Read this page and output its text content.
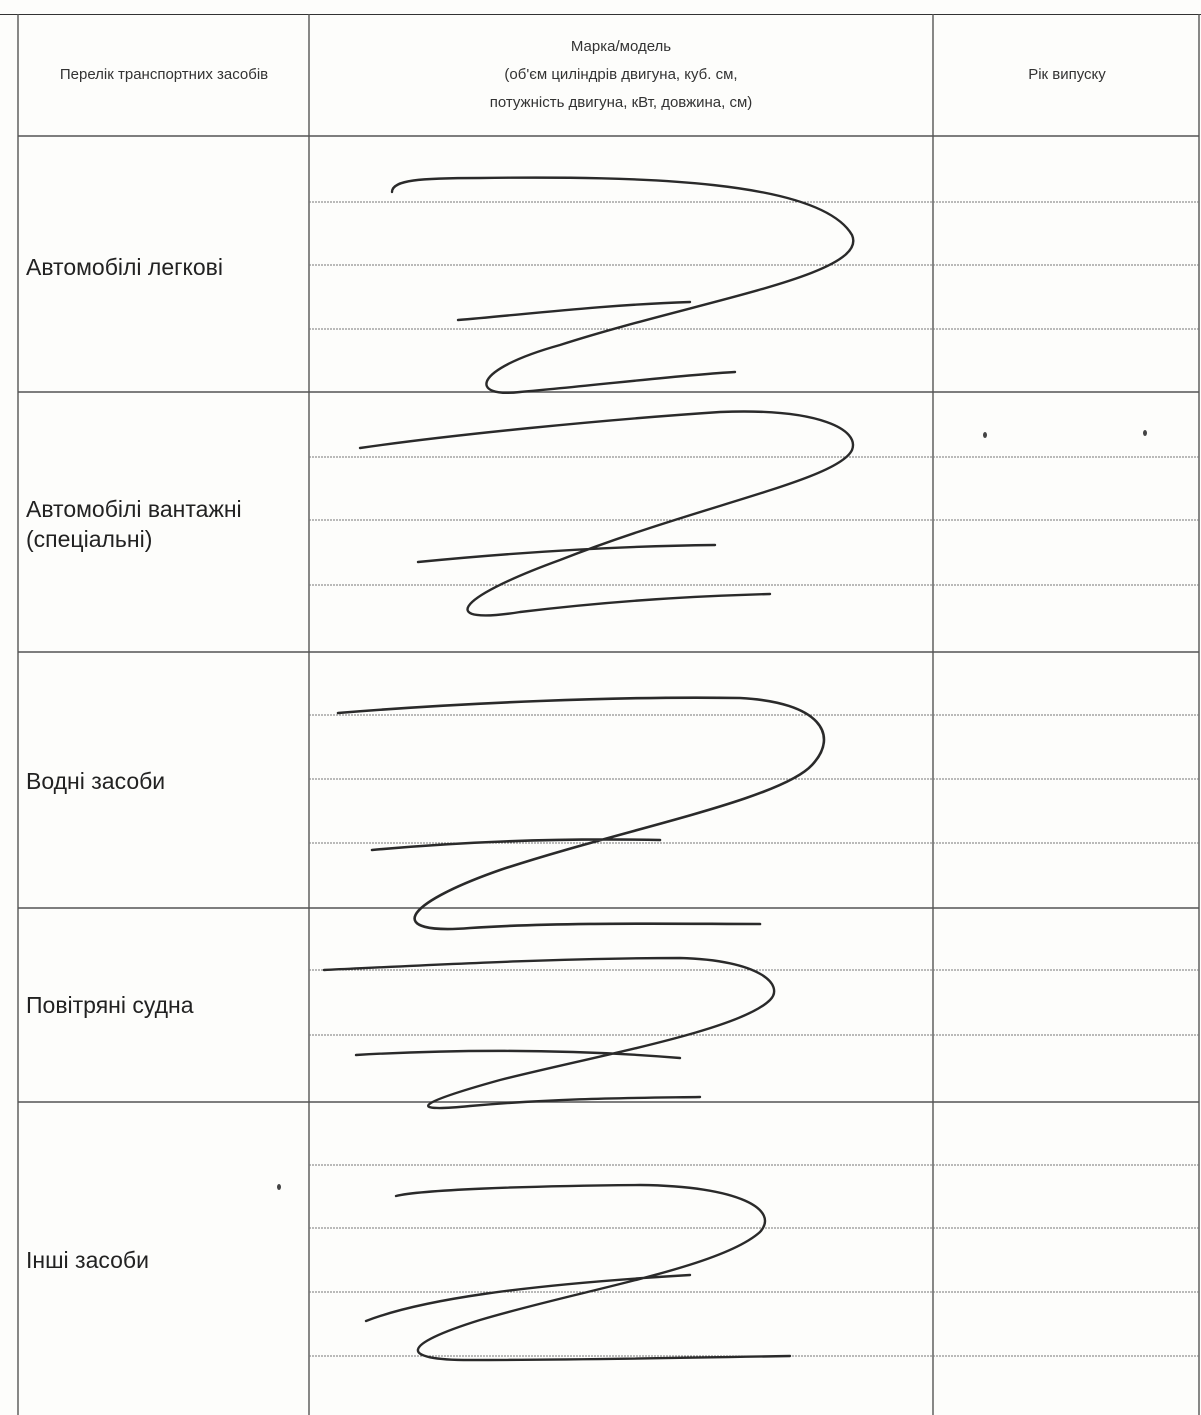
Перелік транспортних засобів
Марка/модель
(об'єм циліндрів двигуна, куб. см,
потужність двигуна, кВт, довжина, см)
Рік випуску
Автомобілі легкові
Автомобілі вантажні (спеціальні)
Водні засоби
Повітряні судна
Інші засоби
